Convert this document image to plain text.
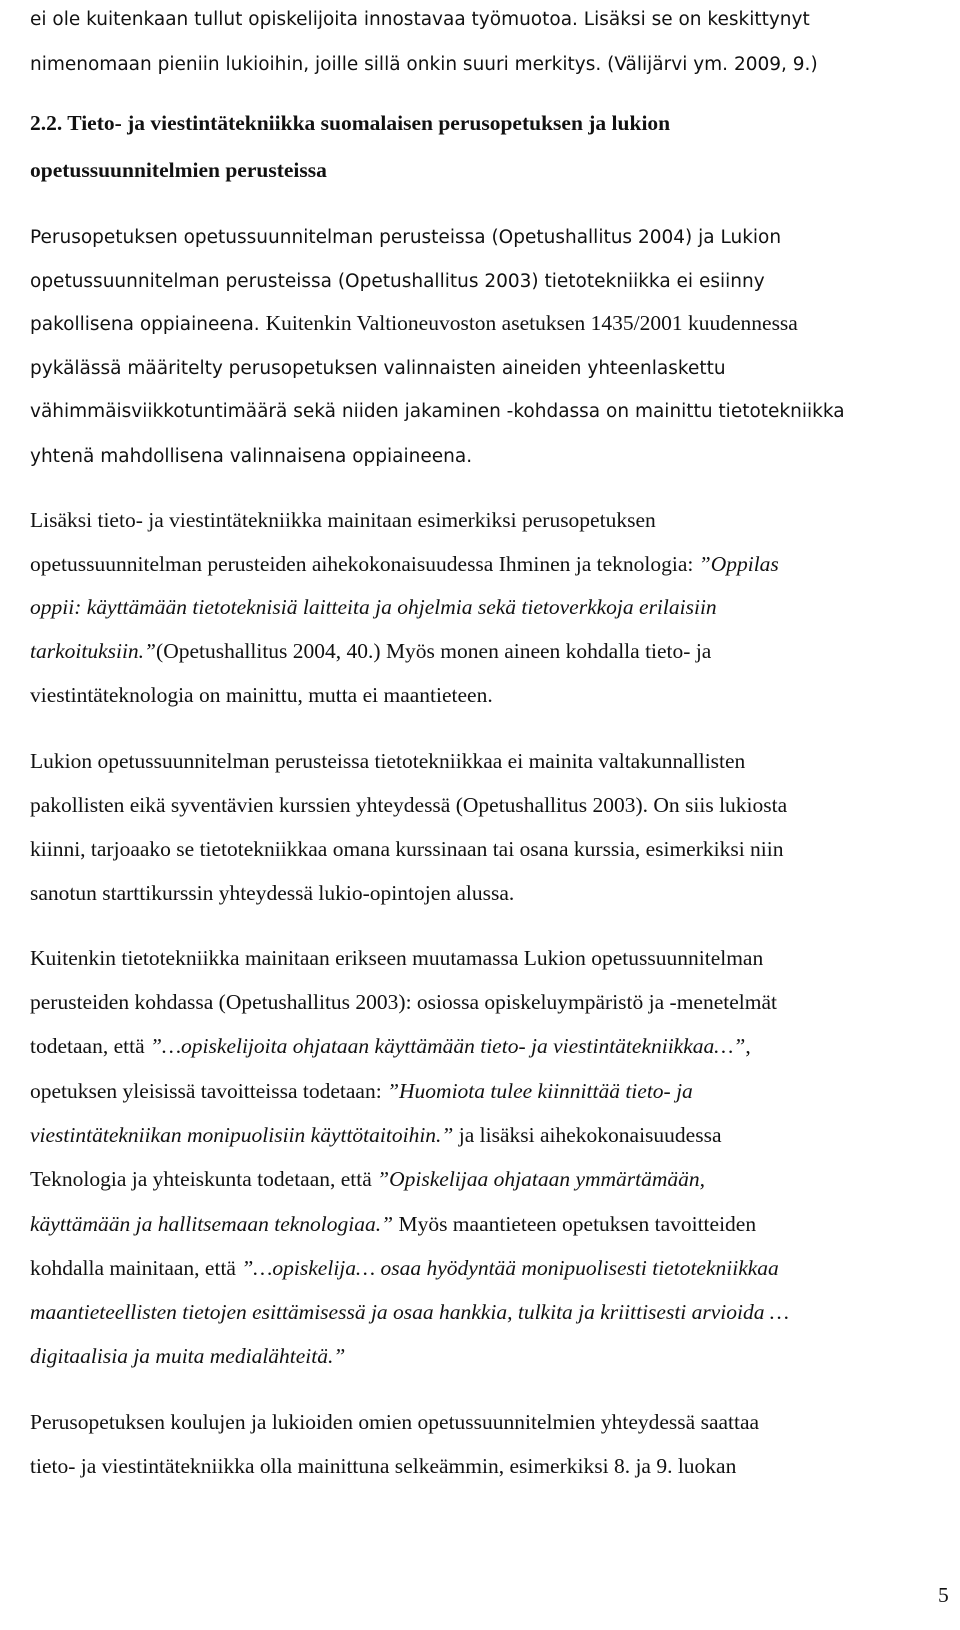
ei ole kuitenkaan tullut opiskelijoita innostavaa työmuotoa. Lisäksi se on keskittynyt
nimenomaan pieniin lukioihin, joille sillä onkin suuri merkitys. (Välijärvi ym. 2009, 9.)
2.2. Tieto- ja viestintätekniikka suomalaisen perusopetuksen ja lukion
opetussuunnitelmien perusteissa
Perusopetuksen opetussuunnitelman perusteissa (Opetushallitus 2004) ja Lukion
opetussuunnitelman perusteissa (Opetushallitus 2003) tietotekniikka ei esiinny
pakollisena oppiaineena. Kuitenkin Valtioneuvoston asetuksen 1435/2001 kuudennessa
pykälässä määritelty perusopetuksen valinnaisten aineiden yhteenlaskettu
vähimmäisviikkotuntimäärä sekä niiden jakaminen -kohdassa on mainittu tietotekniikka
yhtenä mahdollisena valinnaisena oppiaineena.
Lisäksi tieto- ja viestintätekniikka mainitaan esimerkiksi perusopetuksen
opetussuunnitelman perusteiden aihekokonaisuudessa Ihminen ja teknologia: ”Oppilas
oppii: käyttämään tietoteknisiä laitteita ja ohjelmia sekä tietoverkkoja erilaisiin
tarkoituksiin.”(Opetushallitus 2004, 40.) Myös monen aineen kohdalla tieto- ja
viestintäteknologia on mainittu, mutta ei maantieteen.
Lukion opetussuunnitelman perusteissa tietotekniikkaa ei mainita valtakunnallisten
pakollisten eikä syventävien kurssien yhteydessä (Opetushallitus 2003). On siis lukiosta
kiinni, tarjoaako se tietotekniikkaa omana kurssinaan tai osana kurssia, esimerkiksi niin
sanotun starttikurssin yhteydessä lukio-opintojen alussa.
Kuitenkin tietotekniikka mainitaan erikseen muutamassa Lukion opetussuunnitelman
perusteiden kohdassa (Opetushallitus 2003): osiossa opiskeluympäristö ja -menetelmät
todetaan, että ”…opiskelijoita ohjataan käyttämään tieto- ja viestintätekniikkaa…”,
opetuksen yleisissä tavoitteissa todetaan: ”Huomiota tulee kiinnittää tieto- ja
viestintätekniikan monipuolisiin käyttötaitoihin.” ja lisäksi aihekokonaisuudessa
Teknologia ja yhteiskunta todetaan, että ”Opiskelijaa ohjataan ymmärtämään,
käyttämään ja hallitsemaan teknologiaa.” Myös maantieteen opetuksen tavoitteiden
kohdalla mainitaan, että ”…opiskelija… osaa hyödyntää monipuolisesti tietotekniikkaa
maantieteellisten tietojen esittämisessä ja osaa hankkia, tulkita ja kriittisesti arvioida …
digitaalisia ja muita medialähteitä.”
Perusopetuksen koulujen ja lukioiden omien opetussuunnitelmien yhteydessä saattaa
tieto- ja viestintätekniikka olla mainittuna selkeämmin, esimerkiksi 8. ja 9. luokan
5
